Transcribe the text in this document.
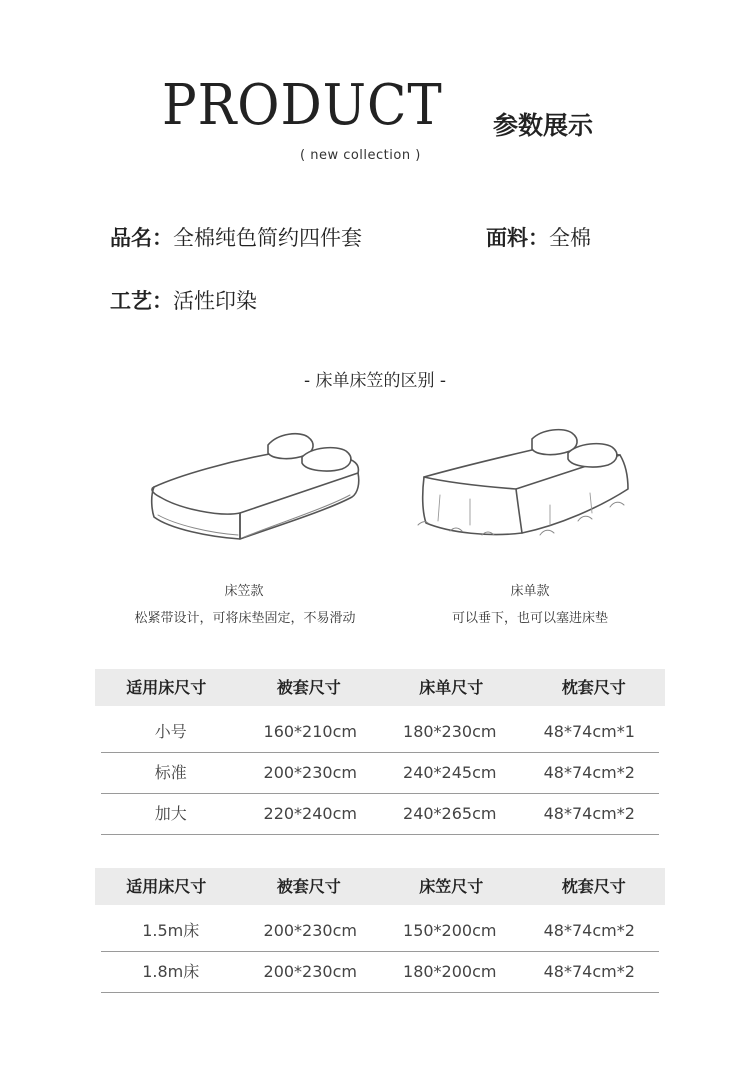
PRODUCT
( new collection )
参数展示
品名：全棉纯色简约四件套	面料：全棉
工艺：活性印染
- 床单床笠的区别 -
床笠款
松紧带设计，可将床垫固定，不易滑动
床单款
可以垂下，也可以塞进床垫
适用床尺寸	被套尺寸	床单尺寸	枕套尺寸
小号	160*210cm	180*230cm	48*74cm*1
标准	200*230cm	240*245cm	48*74cm*2
加大	220*240cm	240*265cm	48*74cm*2
适用床尺寸	被套尺寸	床笠尺寸	枕套尺寸
1.5m床	200*230cm	150*200cm	48*74cm*2
1.8m床	200*230cm	180*200cm	48*74cm*2
